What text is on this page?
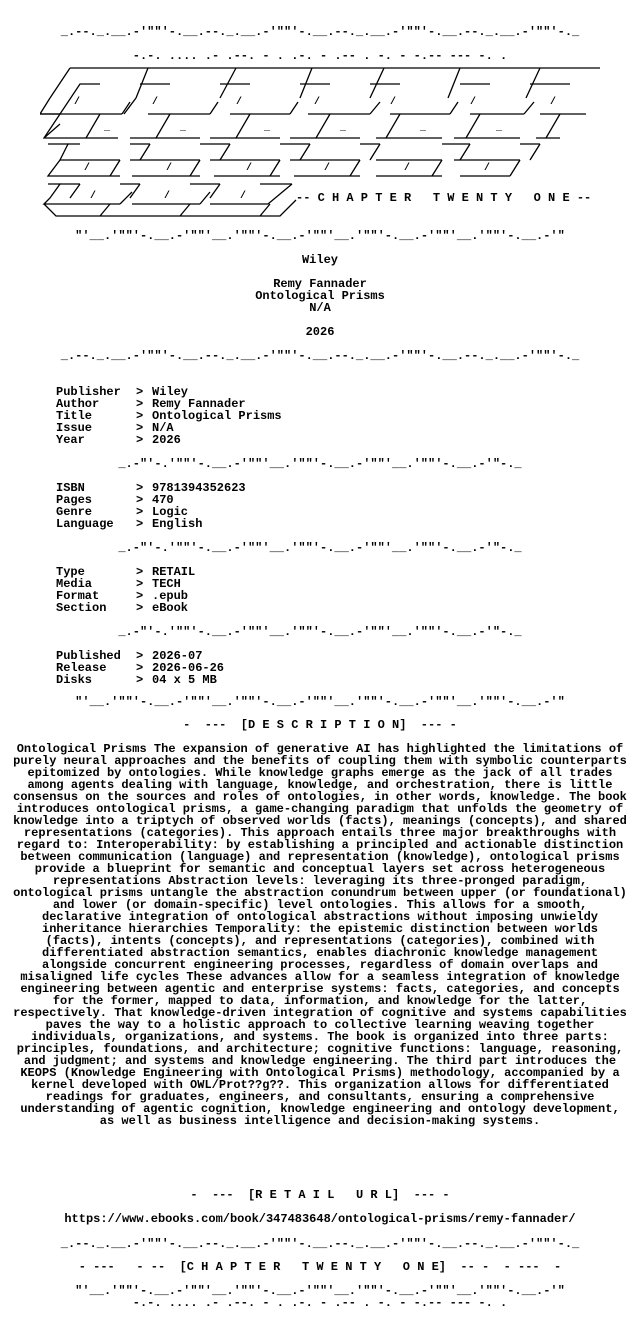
_.--._.__.-'""'-.__.--._.__.-'""'-.__.--._.__.-'""'-.__.--._.__.-'""'-._
-.-. .... .- .--. - . .-. - .-- . -. - -.-- --- -. .
/	/	/	/	/	/	/
_	_	_	_	_	_
/	/	/	/	/	/
/	/	/	-- C H A P T E R   T W E N T Y   O N E --
"'__.'""'-.__.-'""'__.'""'-.__.-'""'__.'""'-.__.-'""'__.'""'-.__.-'"
Wiley
Remy Fannader
Ontological Prisms
N/A
2026
_.--._.__.-'""'-.__.--._.__.-'""'-.__.--._.__.-'""'-.__.--._.__.-'""'-._
Publisher > Wiley
Author	> Remy Fannader
Title	> Ontological Prisms
Issue	> N/A
Year	> 2026
_.-"'-.'""'-.__.-'""'__.'""'-.__.-'""'__.'""'-.__.-'"-._
ISBN	> 9781394352623
Pages	> 470
Genre	> Logic
Language > English
_.-"'-.'""'-.__.-'""'__.'""'-.__.-'""'__.'""'-.__.-'"-._
Type	> RETAIL
Media	> TECH
Format	> .epub
Section > eBook
_.-"'-.'""'-.__.-'""'__.'""'-.__.-'""'__.'""'-.__.-'"-._
Published > 2026-07
Release > 2026-06-26
Disks	> 04 x 5 MB
"'__.'""'-.__.-'""'__.'""'-.__.-'""'__.'""'-.__.-'""'__.'""'-.__.-'"
-  ---  [D E S C R I P T I O N]  --- -
Ontological Prisms The expansion of generative AI has highlighted the limitations of purely neural approaches and the benefits of coupling them with symbolic counterparts epitomized by ontologies. While knowledge graphs emerge as the jack of all trades among agents dealing with language, knowledge, and orchestration, there is little consensus on the sources and roles of ontologies, in other words, knowledge. The book introduces ontological prisms, a game-changing paradigm that unfolds the geometry of knowledge into a triptych of observed worlds (facts), meanings (concepts), and shared representations (categories). This approach entails three major breakthroughs with regard to: Interoperability: by establishing a principled and actionable distinction between communication (language) and representation (knowledge), ontological prisms provide a blueprint for semantic and conceptual layers set across heterogeneous representations Abstraction levels: leveraging its three-pronged paradigm, ontological prisms untangle the abstraction conundrum between upper (or foundational) and lower (or domain-specific) level ontologies. This allows for a smooth, declarative integration of ontological abstractions without imposing unwieldy inheritance hierarchies Temporality: the epistemic distinction between worlds (facts), intents (concepts), and representations (categories), combined with differentiated abstraction semantics, enables diachronic knowledge management alongside concurrent engineering processes, regardless of domain overlaps and misaligned life cycles These advances allow for a seamless integration of knowledge engineering between agentic and enterprise systems: facts, categories, and concepts for the former, mapped to data, information, and knowledge for the latter, respectively. That knowledge-driven integration of cognitive and systems capabilities paves the way to a holistic approach to collective learning weaving together individuals, organizations, and systems. The book is organized into three parts: principles, foundations, and architecture; cognitive functions: language, reasoning, and judgment; and systems and knowledge engineering. The third part introduces the KEOPS (Knowledge Engineering with Ontological Prisms) methodology, accompanied by a kernel developed with OWL/Prot??g??. This organization allows for differentiated readings for graduates, engineers, and consultants, ensuring a comprehensive understanding of agentic cognition, knowledge engineering and ontology development, as well as business intelligence and decision-making systems.
-  ---  [R E T A I L   U R L]  --- -
https://www.ebooks.com/book/347483648/ontological-prisms/remy-fannader/
_.--._.__.-'""'-.__.--._.__.-'""'-.__.--._.__.-'""'-.__.--._.__.-'""'-._
- ---   - --  [C H A P T E R   T W E N T Y   O N E]  -- -  - ---  -
"'__.'""'-.__.-'""'__.'""'-.__.-'""'__.'""'-.__.-'""'__.'""'-.__.-'"
-.-. .... .- .--. - . .-. - .-- . -. - -.-- --- -. .
